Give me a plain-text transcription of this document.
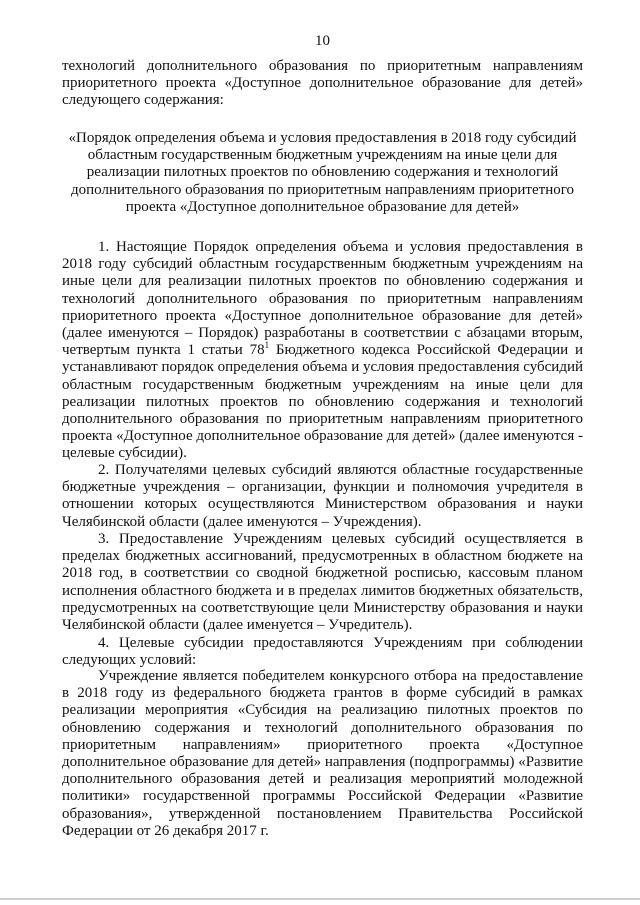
10
технологий дополнительного образования по приоритетным направлениям приоритетного проекта «Доступное дополнительное образование для детей» следующего содержания:
«Порядок определения объема и условия предоставления в 2018 году субсидий областным государственным бюджетным учреждениям на иные цели для реализации пилотных проектов по обновлению содержания и технологий дополнительного образования по приоритетным направлениям приоритетного проекта «Доступное дополнительное образование для детей»
1. Настоящие Порядок определения объема и условия предоставления в 2018 году субсидий областным государственным бюджетным учреждениям на иные цели для реализации пилотных проектов по обновлению содержания и технологий дополнительного образования по приоритетным направлениям приоритетного проекта «Доступное дополнительное образование для детей» (далее именуются – Порядок) разработаны в соответствии с абзацами вторым, четвертым пункта 1 статьи $78^1$ Бюджетного кодекса Российской Федерации и устанавливают порядок определения объема и условия предоставления субсидий областным государственным бюджетным учреждениям на иные цели для реализации пилотных проектов по обновлению содержания и технологий дополнительного образования по приоритетным направлениям приоритетного проекта «Доступное дополнительное образование для детей» (далее именуются - целевые субсидии).
2. Получателями целевых субсидий являются областные государственные бюджетные учреждения – организации, функции и полномочия учредителя в отношении которых осуществляются Министерством образования и науки Челябинской области (далее именуются – Учреждения).
3. Предоставление Учреждениям целевых субсидий осуществляется в пределах бюджетных ассигнований, предусмотренных в областном бюджете на 2018 год, в соответствии со сводной бюджетной росписью, кассовым планом исполнения областного бюджета и в пределах лимитов бюджетных обязательств, предусмотренных на соответствующие цели Министерству образования и науки Челябинской области (далее именуется – Учредитель).
4. Целевые субсидии предоставляются Учреждениям при соблюдении следующих условий:
Учреждение является победителем конкурсного отбора на предоставление в 2018 году из федерального бюджета грантов в форме субсидий в рамках реализации мероприятия «Субсидия на реализацию пилотных проектов по обновлению содержания и технологий дополнительного образования по приоритетным направлениям» приоритетного проекта «Доступное дополнительное образование для детей» направления (подпрограммы) «Развитие дополнительного образования детей и реализация мероприятий молодежной политики» государственной программы Российской Федерации «Развитие образования», утвержденной постановлением Правительства Российской Федерации от 26 декабря 2017 г.
